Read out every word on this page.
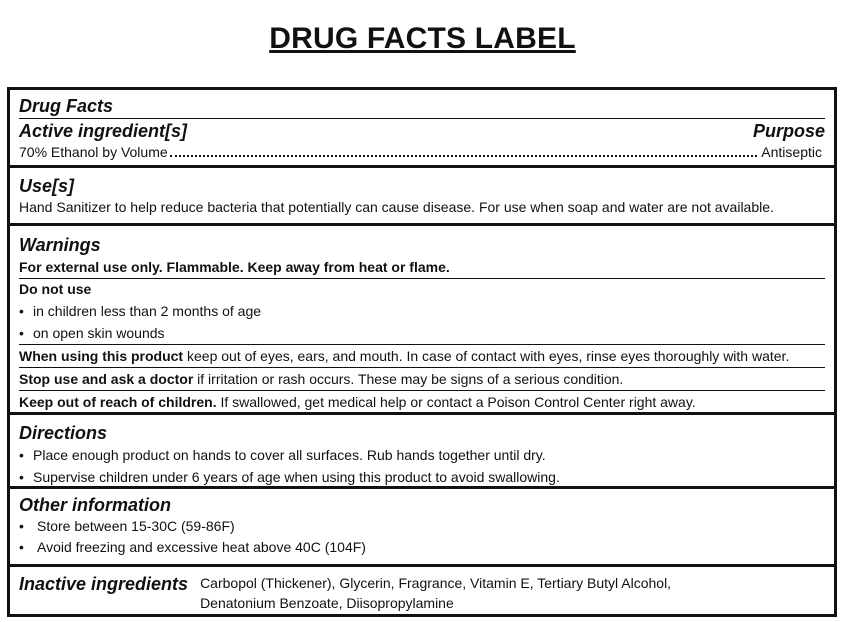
DRUG FACTS LABEL
Drug Facts
Active ingredient[s]	Purpose
70% Ethanol by Volume	Antiseptic
Use[s]
Hand Sanitizer to help reduce bacteria that potentially can cause disease. For use when soap and water are not available.
Warnings
For external use only. Flammable. Keep away from heat or flame.
Do not use
• in children less than 2 months of age
• on open skin wounds
When using this product keep out of eyes, ears, and mouth. In case of contact with eyes, rinse eyes thoroughly with water.
Stop use and ask a doctor if irritation or rash occurs. These may be signs of a serious condition.
Keep out of reach of children. If swallowed, get medical help or contact a Poison Control Center right away.
Directions
• Place enough product on hands to cover all surfaces. Rub hands together until dry.
• Supervise children under 6 years of age when using this product to avoid swallowing.
Other information
• Store between 15-30C (59-86F)
• Avoid freezing and excessive heat above 40C (104F)
Inactive ingredients Carbopol (Thickener), Glycerin, Fragrance, Vitamin E, Tertiary Butyl Alcohol,
Denatonium Benzoate, Diisopropylamine
